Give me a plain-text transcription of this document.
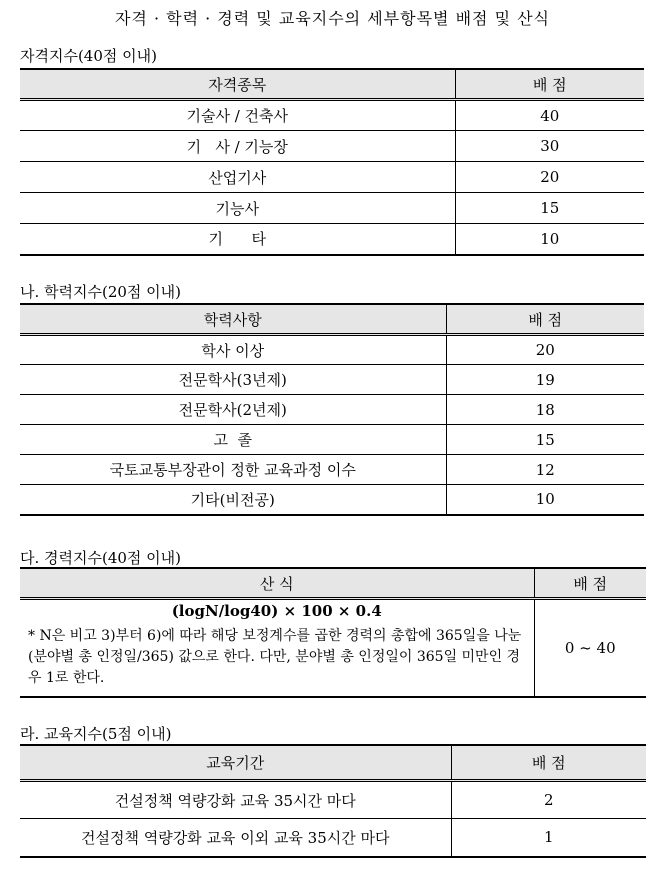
자격 · 학력 · 경력 및 교육지수의 세부항목별 배점 및 산식
자격지수(40점 이내)
자격종목	배 점
기술사 / 건축사	40
기   사 / 기능장	30
산업기사	20
기능사	15
기      타	10
나. 학력지수(20점 이내)
학력사항	배 점
학사 이상	20
전문학사(3년제)	19
전문학사(2년제)	18
고  졸	15
국토교통부장관이 정한 교육과정 이수	12
기타(비전공)	10
다. 경력지수(40점 이내)
산 식	배 점

(logN/log40) × 100 × 0.4
* N은 비고 3)부터 6)에 따라 해당 보정계수를 곱한 경력의 총합에 365일을 나눈(분야별 총 인정일/365) 값으로 한다. 다만, 분야별 총 인정일이 365일 미만인 경우 1로 한다.	0 ~ 40
라. 교육지수(5점 이내)
교육기간	배 점
건설정책 역량강화 교육 35시간 마다	2
건설정책 역량강화 교육 이외 교육 35시간 마다	1
